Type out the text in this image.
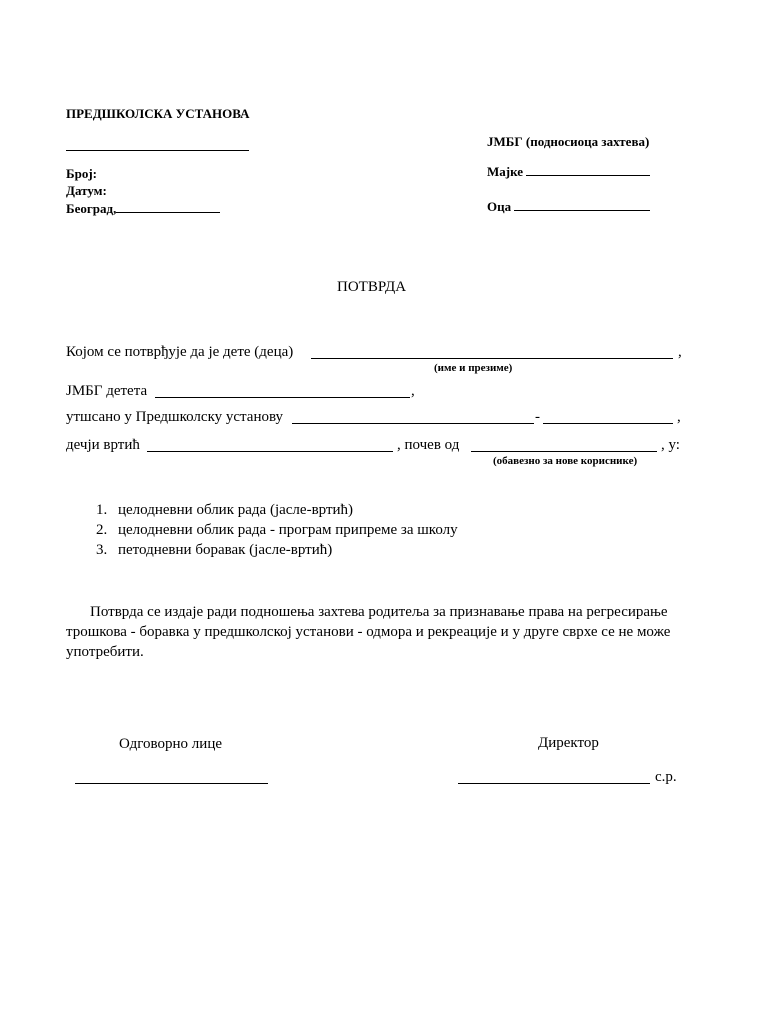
ПРЕДШКОЛСКА УСТАНОВА
Број:
Датум:
Београд,
ЈМБГ (подносиоца захтева)
Мајке
Оца
ПОТВРДА
Којом се потврђује да је дете (деца)	,
(име и презиме)
ЈМБГ детета	,
утшсано у Предшколску установу	-	,
дечји вртић	, почев од	, у:
(обавезно за нове кориснике)
1. целодневни облик рада (јасле-вртић)
2. целодневни облик рада - програм припреме за школу
3. петодневни боравак (јасле-вртић)
Потврда се издаје ради подношења захтева родитеља за признавање права на регресирање
трошкова - боравка у предшколској установи - одмора и рекреације и у друге сврхе се не може
употребити.
Одговорно лице	Директор
с.р.
